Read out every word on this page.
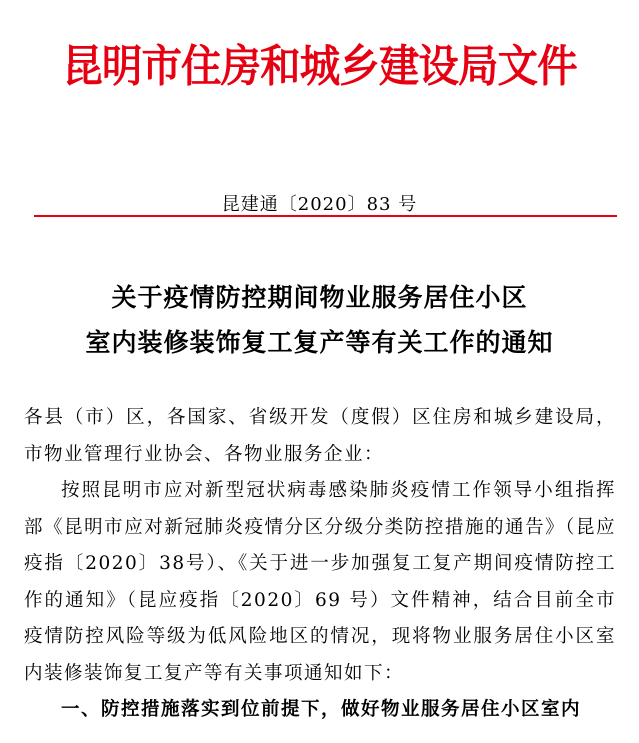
昆明市住房和城乡建设局文件
昆建通〔2020〕83 号
关于疫情防控期间物业服务居住小区
室内装修装饰复工复产等有关工作的通知

各县（市）区，各国家、省级开发（度假）区住房和城乡建设局，市物业管理行业协会、各物业服务企业：

按照昆明市应对新型冠状病毒感染肺炎疫情工作领导小组指挥部《昆明市应对新冠肺炎疫情分区分级分类防控措施的通告》（昆应疫指〔2020〕38号）、《关于进一步加强复工复产期间疫情防控工作的通知》（昆应疫指〔2020〕69 号）文件精神，结合目前全市疫情防控风险等级为低风险地区的情况，现将物业服务居住小区室内装修装饰复工复产等有关事项通知如下：

一、防控措施落实到位前提下，做好物业服务居住小区室内
